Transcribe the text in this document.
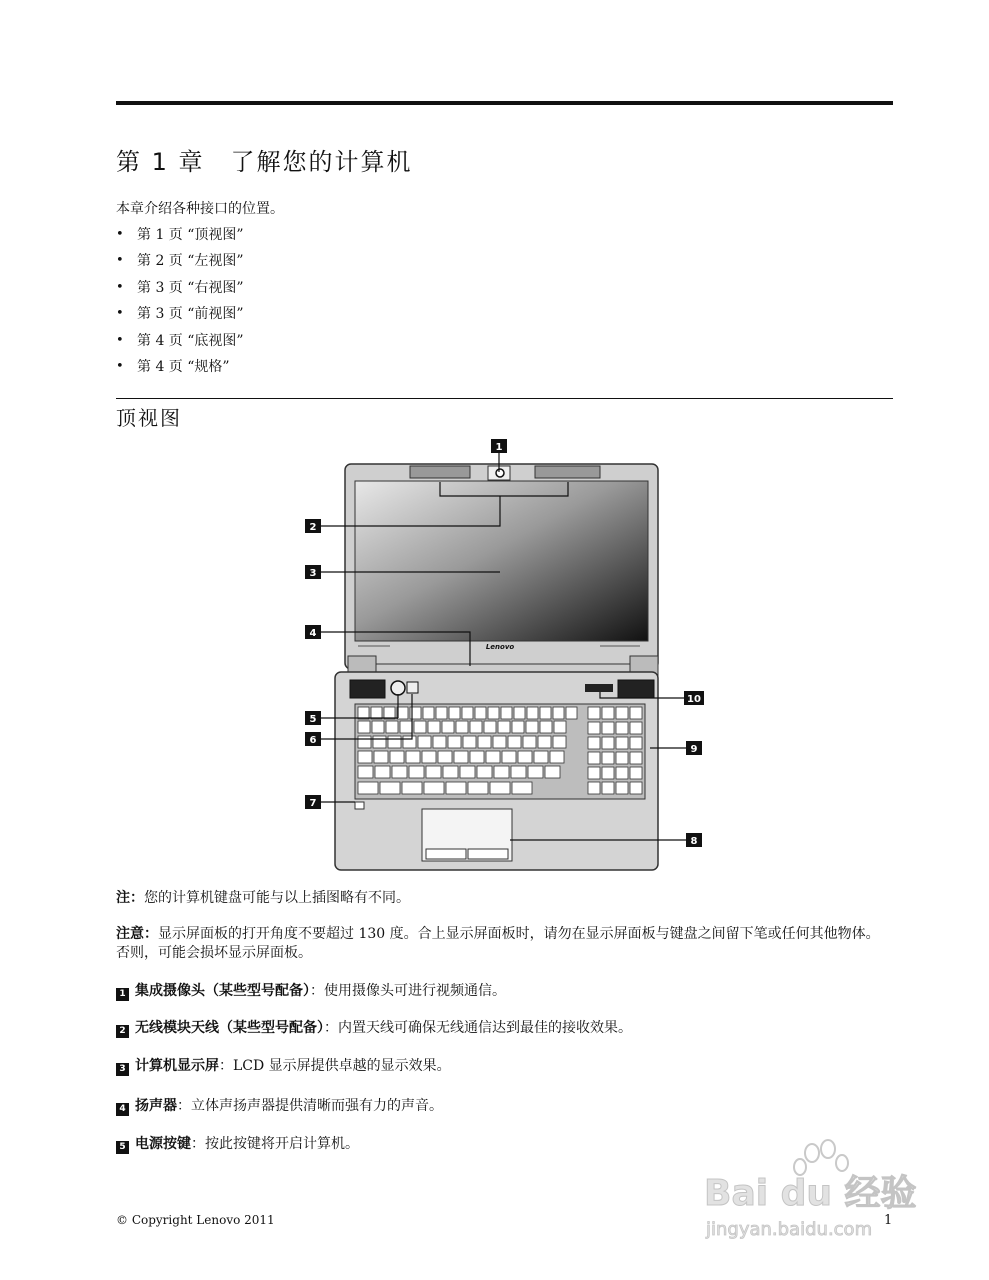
第 1 章　了解您的计算机
本章介绍各种接口的位置。
• 第 1 页 “顶视图”
• 第 2 页 “左视图”
• 第 3 页 “右视图”
• 第 3 页 “前视图”
• 第 4 页 “底视图”
• 第 4 页 “规格”
顶视图
Lenovo
1
2
3
4
5
6
7
8
9
10
注：您的计算机键盘可能与以上插图略有不同。
注意：显示屏面板的打开角度不要超过 130 度。合上显示屏面板时，请勿在显示屏面板与键盘之间留下笔或任何其他物体。否则，可能会损坏显示屏面板。
1 集成摄像头（某些型号配备）：使用摄像头可进行视频通信。
2 无线模块天线（某些型号配备）：内置天线可确保无线通信达到最佳的接收效果。
3 计算机显示屏：LCD 显示屏提供卓越的显示效果。
4 扬声器：立体声扬声器提供清晰而强有力的声音。
5 电源按键：按此按键将开启计算机。
Bai du 经验
jingyan.baidu.com
© Copyright Lenovo 2011	1
